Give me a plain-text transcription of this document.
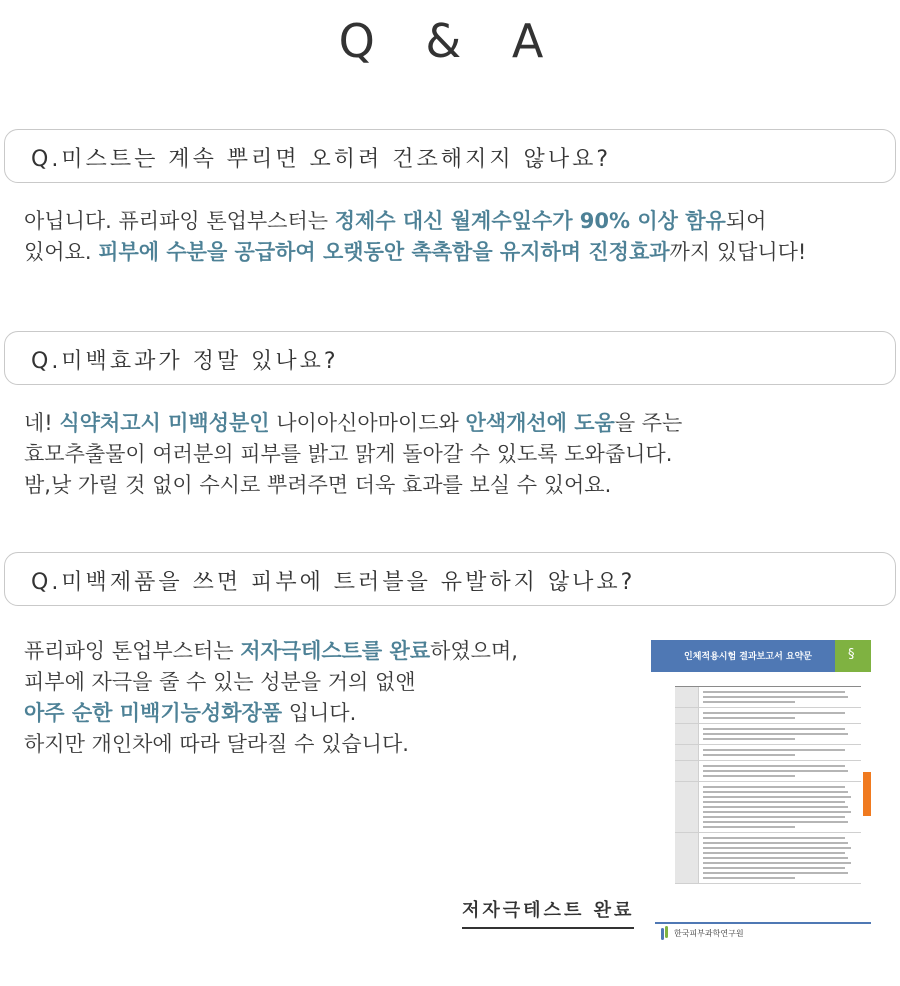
Q & A
Q.미스트는 계속 뿌리면 오히려 건조해지지 않나요?
아닙니다. 퓨리파잉 톤업부스터는 정제수 대신 월계수잎수가 90% 이상 함유되어
있어요. 피부에 수분을 공급하여 오랫동안 촉촉함을 유지하며 진정효과까지 있답니다!
Q.미백효과가 정말 있나요?
네! 식약처고시 미백성분인 나이아신아마이드와 안색개선에 도움을 주는
효모추출물이 여러분의 피부를 밝고 맑게 돌아갈 수 있도록 도와줍니다.
밤,낮 가릴 것 없이 수시로 뿌려주면 더욱 효과를 보실 수 있어요.
Q.미백제품을 쓰면 피부에 트러블을 유발하지 않나요?
퓨리파잉 톤업부스터는 저자극테스트를 완료하였으며,
피부에 자극을 줄 수 있는 성분을 거의 없앤
아주 순한 미백기능성화장품 입니다.
하지만 개인차에 따라 달라질 수 있습니다.
인체적용시험 결과보고서 요약문	§
한국피부과학연구원
저자극테스트 완료
